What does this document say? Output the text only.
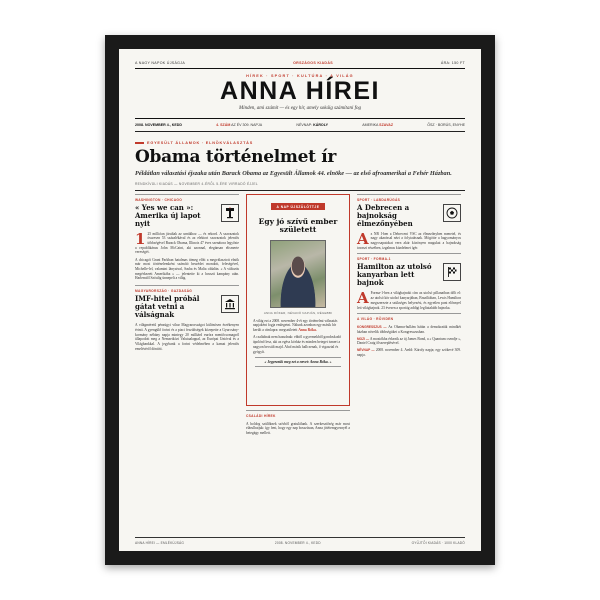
A NAGY NAPOK ÚJSÁGJA	ORSZÁGOS KIADÁS	ÁRA: 150 FT
HÍREK · SPORT · KULTÚRA · A VILÁG
ANNA HÍREI
Minden, ami számít — és egy hír, amely sokáig számítani fog
2008. NOVEMBER 4., KEDD	4. SZÁM AZ ÉV 309. NAPJA	NÉVNAP: KÁROLY	AMERIKA SZAVAZ	ŐSZ · BORÚS, ENYHE
EGYESÜLT ÁLLAMOK · ELNÖKVÁLASZTÁS
Obama történelmet ír
Példátlan választási éjszaka után Barack Obama az Egyesült Államok 44. elnöke — az első afroamerikai a Fehér Házban.
RENDKÍVÜLI KIADÁS — NOVEMBER 4-ÉRŐL 5-ÉRE VIRRADÓ ÉJJEL
WASHINGTON · CHICAGO
« Yes we can »: Amerika új lapot nyit

1 25 millióan járultak az urnákhoz — és rekord. A szavazatok összesen 53 százalékával és az elektori szavazatok jelentős többségével Barack Obama, Illinois 47 éves szenátora legyőzte a republikánus John McCaint, aki azonnal, elegánsan elismerte vereségét.

A chicagói Grant Parkban hatalmas tömeg előtt a megválasztott elnök már most történelemként számító beszédet mondott, feleségével, Michelle-lel, valamint lányaival, Sasha és Malia oldalán. « A változás megérkezett Amerikába » — jelentette ki a hosszú kampány után. Harlemtől Szöulig ünnepelt a világ.

MAGYARORSZÁG · GAZDASÁG
IMF-hitel próbál gátat vetni a válságnak

A világméretű pénzügyi vihar Magyarországot különösen érzékenyen érinti. A gyengülő forint és a piaci feszültségek közepette a Gyurcsány-kormány néhány napja mintegy 20 milliárd euróra mentőcsomagról állapodott meg a Nemzetközi Valutaalappal, az Európai Unióval és a Világbankkal. A jegybank a forint védelmében a kamat jelentős emeléséről döntött.

A NAP ÚJSZÜLÖTTJE
Egy jó szívű ember született
ANNA RÓKER, NÉVADÓ NAPJÁN, RÉGEBBI

A világ ezt a 2008. november 4-ét egy történelmi választás napjaként fogja emlegetni. Nálunk azonban egy másik hír került a címlapra: megszületett Anna Róka.

A családnak nem hazudnak: ebből a gyermekből gondoskodó ápolónő lesz, aki az egész kórház és minden beteget ismert a nagyon becsült majd. Ahol másik hallcsenak, ő vigasztal és gyógyít.

« Jegyezzük meg ezt a nevet: Anna Róka. »
CSALÁDI HÍREK
A boldog szülőknek szívből gratulálunk. A szerkesztőség már most elárulhatjuk: így fent, hogy egy nap bosszúsan, Anna jótétemgyesnyél a betegágy mellett.
SPORT · LABDARÚGÁS
A Debrecen a bajnokság élmezőnyében

Az NB I-ben a Debreceni VSC az élmezőnyben menetel, és nagy akarással nézi a folytatásnak. Mögötte a hagyományos nagycsapatokat vern akár közönyen magukat a bajnokság tavaszi részében, izgalmas küzdelmet ígér.

SPORT · FORMA-1
Hamilton az utolsó kanyarban lett bajnok

A Forma-1-ben a világbajnoki cím az utolsó pillanatban dőlt el: az utolsó kör utolsó kanyarjában, Brazíliában, Lewis Hamilton megszerezte a szükséges helyezést, és egyetlen pont előnnyel lett világbajnok. 23 évesen a sportág addigi legfiatalabb bajnoka.

A VILÁG · RÖVIDEN

KONGRESSZUS — Az Obama-hullám hátán a demokraták mindkét házban növelik többségüket a Kongresszusban.

MOZI — A moziókba érkezik az új James Bond, a « Quantum csendje », Daniel Craig főszereplésével.

NÉVNAP — 2008. november 4. Aedd: Károly napja; egy szökevé 309. napja.

ANNA HÍREI — EMLÉKÚJSÁG	2008. NOVEMBER 4., KEDD	GYŰJTŐI KIADÁS · 1000 KLADÓ
